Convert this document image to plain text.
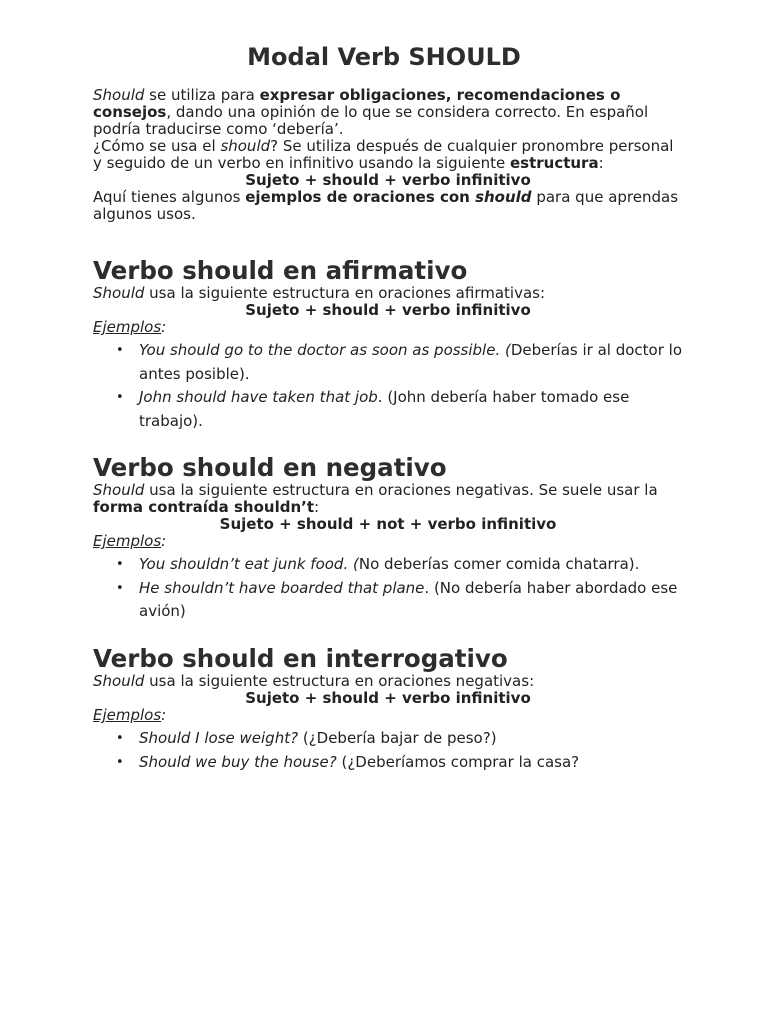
Modal Verb SHOULD

Should se utiliza para expresar obligaciones, recomendaciones o consejos, dando una opinión de lo que se considera correcto. En español podría traducirse como ‘debería’.

¿Cómo se usa el should? Se utiliza después de cualquier pronombre personal y seguido de un verbo en infinitivo usando la siguiente estructura:

Sujeto + should + verbo infinitivo

Aquí tienes algunos ejemplos de oraciones con should para que aprendas algunos usos.

Verbo should en afirmativo

Should usa la siguiente estructura en oraciones afirmativas:

Sujeto + should + verbo infinitivo

Ejemplos:

• You should go to the doctor as soon as possible. (Deberías ir al doctor lo antes posible).
• John should have taken that job. (John debería haber tomado ese trabajo).
Verbo should en negativo

Should usa la siguiente estructura en oraciones negativas. Se suele usar la forma contraída shouldn’t:

Sujeto + should + not + verbo infinitivo

Ejemplos:

• You shouldn’t eat junk food. (No deberías comer comida chatarra).
• He shouldn’t have boarded that plane. (No debería haber abordado ese avión)
Verbo should en interrogativo

Should usa la siguiente estructura en oraciones negativas:

Sujeto + should + verbo infinitivo

Ejemplos:

• Should I lose weight? (¿Debería bajar de peso?)
• Should we buy the house? (¿Deberíamos comprar la casa?
